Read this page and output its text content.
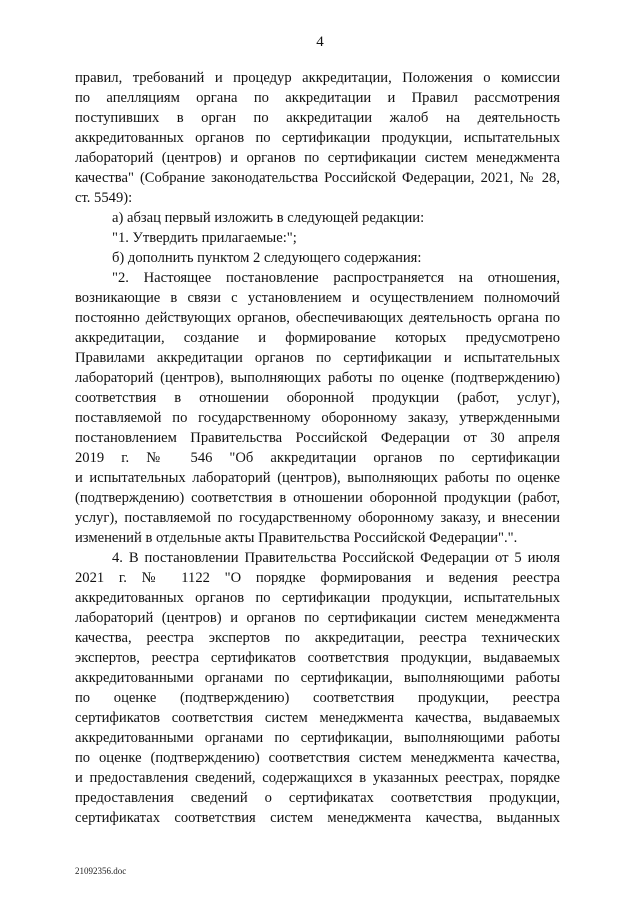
4
правил, требований и процедур аккредитации, Положения о комиссии
по апелляциям органа по аккредитации и Правил рассмотрения
поступивших в орган по аккредитации жалоб на деятельность
аккредитованных органов по сертификации продукции, испытательных
лабораторий (центров) и органов по сертификации систем менеджмента
качества" (Собрание законодательства Российской Федерации, 2021, № 28,
ст. 5549):
а) абзац первый изложить в следующей редакции:
"1. Утвердить прилагаемые:";
б) дополнить пунктом 2 следующего содержания:
"2. Настоящее постановление распространяется на отношения,
возникающие в связи с установлением и осуществлением полномочий
постоянно действующих органов, обеспечивающих деятельность органа по
аккредитации, создание и формирование которых предусмотрено
Правилами аккредитации органов по сертификации и испытательных
лабораторий (центров), выполняющих работы по оценке (подтверждению)
соответствия в отношении оборонной продукции (работ, услуг),
поставляемой по государственному оборонному заказу, утвержденными
постановлением Правительства Российской Федерации от 30 апреля
2019 г. № 546 "Об аккредитации органов по сертификации
и испытательных лабораторий (центров), выполняющих работы по оценке
(подтверждению) соответствия в отношении оборонной продукции (работ,
услуг), поставляемой по государственному оборонному заказу, и внесении
изменений в отдельные акты Правительства Российской Федерации".".
4. В постановлении Правительства Российской Федерации от 5 июля
2021 г. № 1122 "О порядке формирования и ведения реестра
аккредитованных органов по сертификации продукции, испытательных
лабораторий (центров) и органов по сертификации систем менеджмента
качества, реестра экспертов по аккредитации, реестра технических
экспертов, реестра сертификатов соответствия продукции, выдаваемых
аккредитованными органами по сертификации, выполняющими работы
по оценке (подтверждению) соответствия продукции, реестра
сертификатов соответствия систем менеджмента качества, выдаваемых
аккредитованными органами по сертификации, выполняющими работы
по оценке (подтверждению) соответствия систем менеджмента качества,
и предоставления сведений, содержащихся в указанных реестрах, порядке
предоставления сведений о сертификатах соответствия продукции,
сертификатах соответствия систем менеджмента качества, выданных
21092356.doc
